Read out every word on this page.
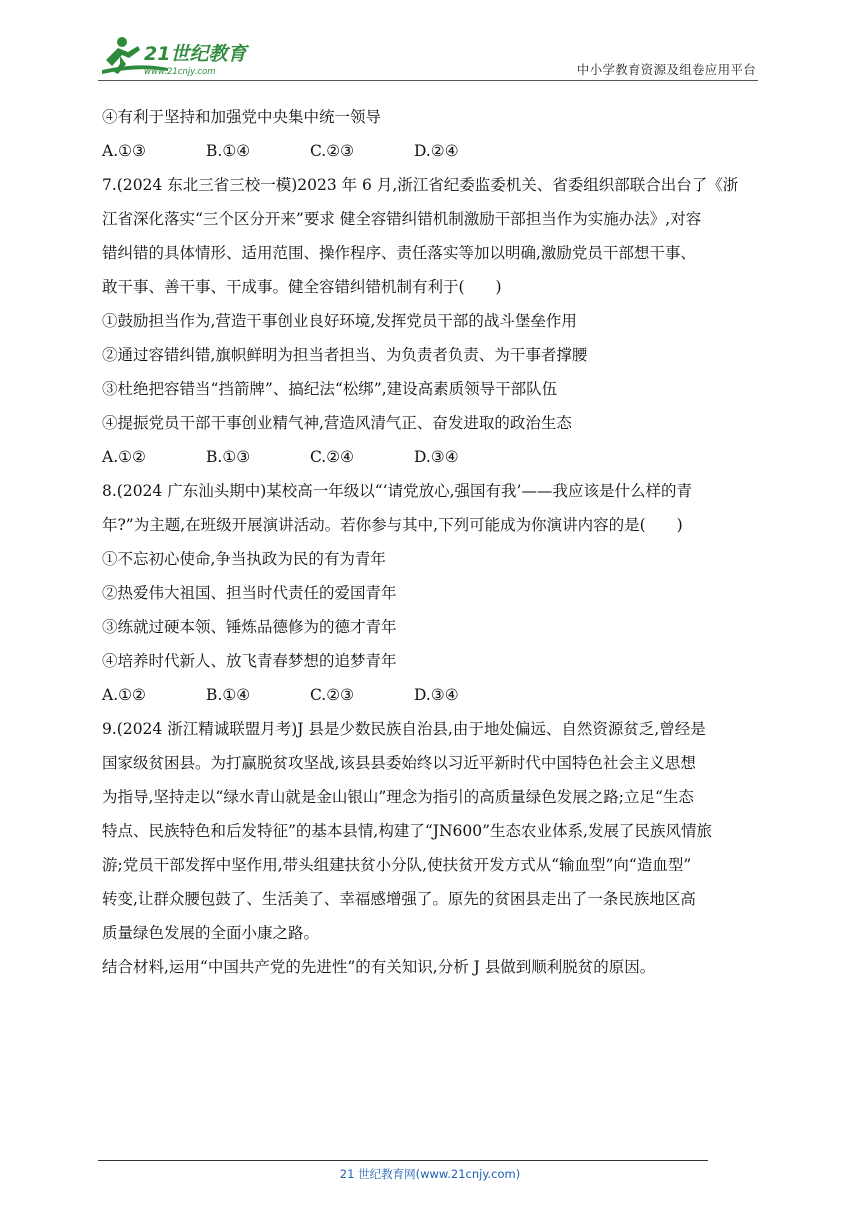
21世纪教育
www.21cnjy.com	中小学教育资源及组卷应用平台
④有利于坚持和加强党中央集中统一领导
A.①③	B.①④	C.②③	D.②④
7.(2024 东北三省三校一模)2023 年 6 月,浙江省纪委监委机关、省委组织部联合出台了《浙
江省深化落实“三个区分开来”要求 健全容错纠错机制激励干部担当作为实施办法》,对容
错纠错的具体情形、适用范围、操作程序、责任落实等加以明确,激励党员干部想干事、
敢干事、善干事、干成事。健全容错纠错机制有利于(　　)
①鼓励担当作为,营造干事创业良好环境,发挥党员干部的战斗堡垒作用
②通过容错纠错,旗帜鲜明为担当者担当、为负责者负责、为干事者撑腰
③杜绝把容错当“挡箭牌”、搞纪法“松绑”,建设高素质领导干部队伍
④提振党员干部干事创业精气神,营造风清气正、奋发进取的政治生态
A.①②	B.①③	C.②④	D.③④
8.(2024 广东汕头期中)某校高一年级以“‘请党放心,强国有我’——我应该是什么样的青
年?”为主题,在班级开展演讲活动。若你参与其中,下列可能成为你演讲内容的是(　　)
①不忘初心使命,争当执政为民的有为青年
②热爱伟大祖国、担当时代责任的爱国青年
③练就过硬本领、锤炼品德修为的德才青年
④培养时代新人、放飞青春梦想的追梦青年
A.①②	B.①④	C.②③	D.③④
9.(2024 浙江精诚联盟月考)J 县是少数民族自治县,由于地处偏远、自然资源贫乏,曾经是
国家级贫困县。为打赢脱贫攻坚战,该县县委始终以习近平新时代中国特色社会主义思想
为指导,坚持走以“绿水青山就是金山银山”理念为指引的高质量绿色发展之路;立足“生态
特点、民族特色和后发特征”的基本县情,构建了“JN600”生态农业体系,发展了民族风情旅
游;党员干部发挥中坚作用,带头组建扶贫小分队,使扶贫开发方式从“输血型”向“造血型”
转变,让群众腰包鼓了、生活美了、幸福感增强了。原先的贫困县走出了一条民族地区高
质量绿色发展的全面小康之路。
结合材料,运用“中国共产党的先进性”的有关知识,分析 J 县做到顺利脱贫的原因。
21 世纪教育网(www.21cnjy.com)
